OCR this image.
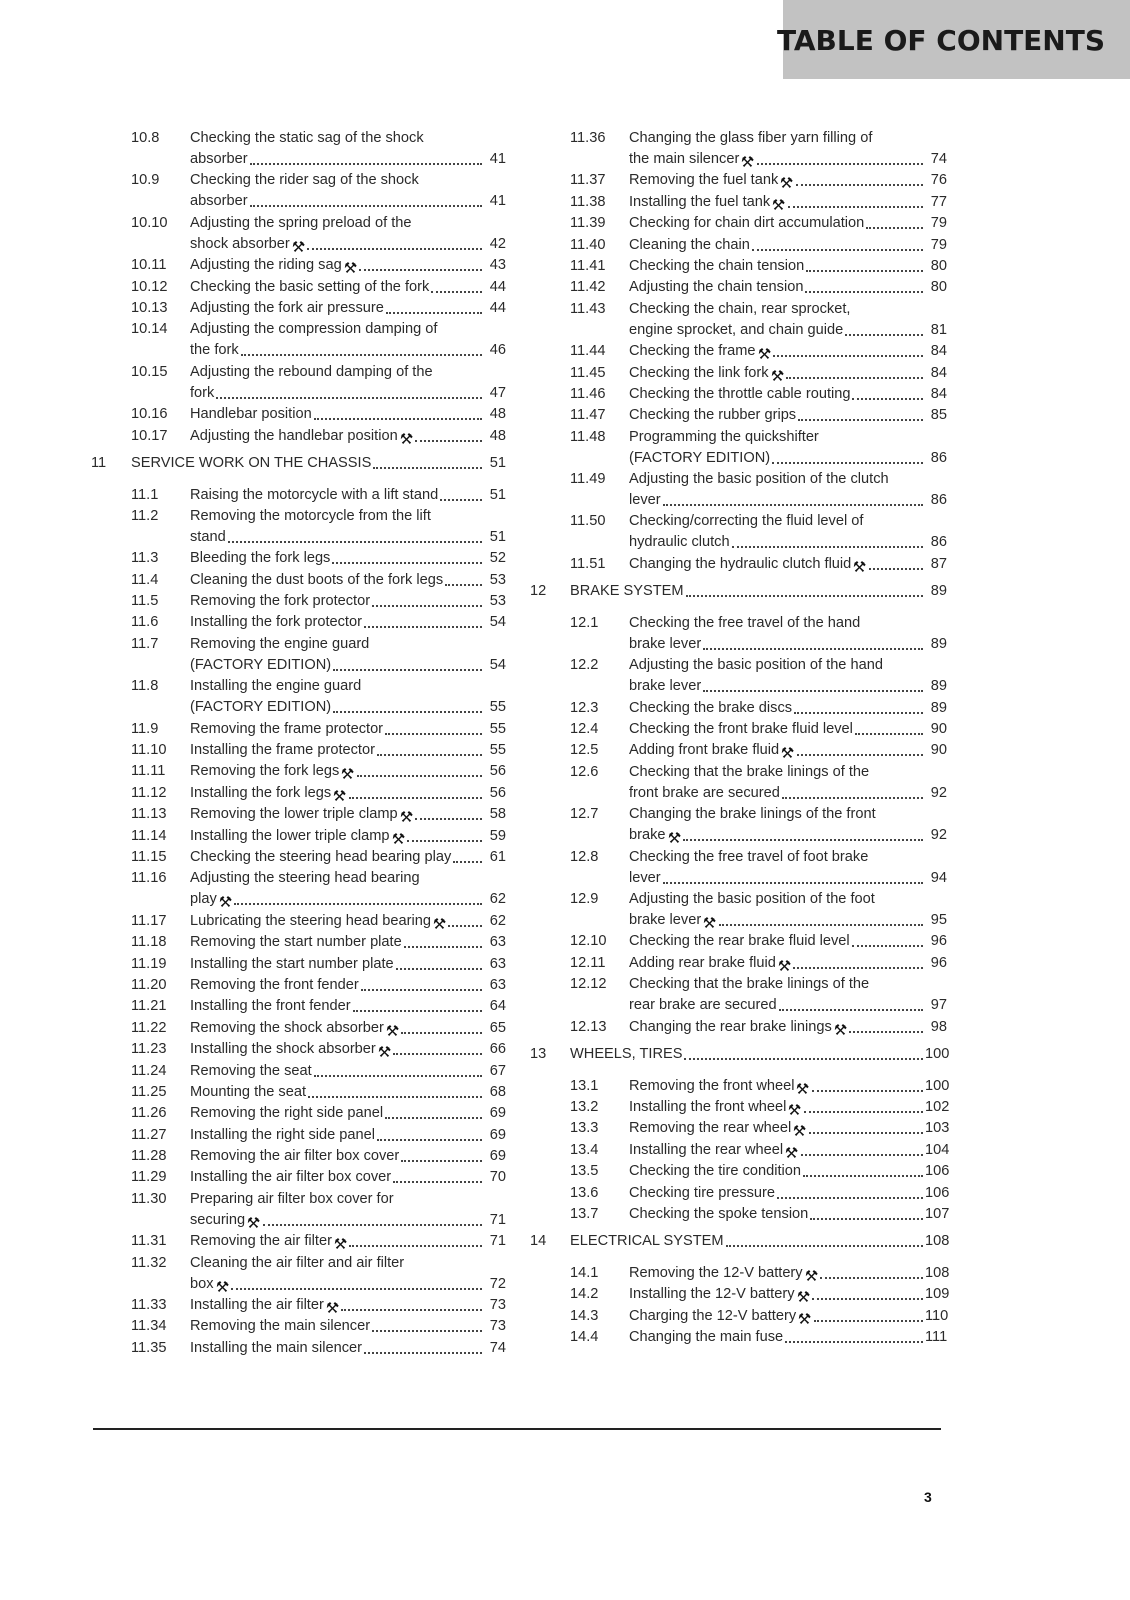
TABLE OF CONTENTS
10.8 Checking the static sag of the shock
absorber	41
10.9 Checking the rider sag of the shock
absorber	41
10.10 Adjusting the spring preload of the
shock absorber ⚒	42
10.11 Adjusting the riding sag ⚒	43
10.12 Checking the basic setting of the fork	44
10.13 Adjusting the fork air pressure	44
10.14 Adjusting the compression damping of
the fork	46
10.15 Adjusting the rebound damping of the
fork	47
10.16 Handlebar position	48
10.17 Adjusting the handlebar position ⚒	48
11 SERVICE WORK ON THE CHASSIS	51
11.1 Raising the motorcycle with a lift stand	51
11.2 Removing the motorcycle from the lift
stand	51
11.3 Bleeding the fork legs	52
11.4 Cleaning the dust boots of the fork legs	53
11.5 Removing the fork protector	53
11.6 Installing the fork protector	54
11.7 Removing the engine guard
(FACTORY EDITION)	54
11.8 Installing the engine guard
(FACTORY EDITION)	55
11.9 Removing the frame protector	55
11.10 Installing the frame protector	55
11.11 Removing the fork legs ⚒	56
11.12 Installing the fork legs ⚒	56
11.13 Removing the lower triple clamp ⚒	58
11.14 Installing the lower triple clamp ⚒	59
11.15 Checking the steering head bearing play	61
11.16 Adjusting the steering head bearing
play ⚒	62
11.17 Lubricating the steering head bearing ⚒	62
11.18 Removing the start number plate	63
11.19 Installing the start number plate	63
11.20 Removing the front fender	63
11.21 Installing the front fender	64
11.22 Removing the shock absorber ⚒	65
11.23 Installing the shock absorber ⚒	66
11.24 Removing the seat	67
11.25 Mounting the seat	68
11.26 Removing the right side panel	69
11.27 Installing the right side panel	69
11.28 Removing the air filter box cover	69
11.29 Installing the air filter box cover	70
11.30 Preparing air filter box cover for
securing ⚒	71
11.31 Removing the air filter ⚒	71
11.32 Cleaning the air filter and air filter
box ⚒	72
11.33 Installing the air filter ⚒	73
11.34 Removing the main silencer	73
11.35 Installing the main silencer	74
11.36 Changing the glass fiber yarn filling of
the main silencer ⚒	74
11.37 Removing the fuel tank ⚒	76
11.38 Installing the fuel tank ⚒	77
11.39 Checking for chain dirt accumulation	79
11.40 Cleaning the chain	79
11.41 Checking the chain tension	80
11.42 Adjusting the chain tension	80
11.43 Checking the chain, rear sprocket,
engine sprocket, and chain guide	81
11.44 Checking the frame ⚒	84
11.45 Checking the link fork ⚒	84
11.46 Checking the throttle cable routing	84
11.47 Checking the rubber grips	85
11.48 Programming the quickshifter
(FACTORY EDITION)	86
11.49 Adjusting the basic position of the clutch
lever	86
11.50 Checking/correcting the fluid level of
hydraulic clutch	86
11.51 Changing the hydraulic clutch fluid ⚒	87
12 BRAKE SYSTEM	89
12.1 Checking the free travel of the hand
brake lever	89
12.2 Adjusting the basic position of the hand
brake lever	89
12.3 Checking the brake discs	89
12.4 Checking the front brake fluid level	90
12.5 Adding front brake fluid ⚒	90
12.6 Checking that the brake linings of the
front brake are secured	92
12.7 Changing the brake linings of the front
brake ⚒	92
12.8 Checking the free travel of foot brake
lever	94
12.9 Adjusting the basic position of the foot
brake lever ⚒	95
12.10 Checking the rear brake fluid level	96
12.11 Adding rear brake fluid ⚒	96
12.12 Checking that the brake linings of the
rear brake are secured	97
12.13 Changing the rear brake linings ⚒	98
13 WHEELS, TIRES	100
13.1 Removing the front wheel ⚒	100
13.2 Installing the front wheel ⚒	102
13.3 Removing the rear wheel ⚒	103
13.4 Installing the rear wheel ⚒	104
13.5 Checking the tire condition	106
13.6 Checking tire pressure	106
13.7 Checking the spoke tension	107
14 ELECTRICAL SYSTEM	108
14.1 Removing the 12-V battery ⚒	108
14.2 Installing the 12-V battery ⚒	109
14.3 Charging the 12-V battery ⚒	110
14.4 Changing the main fuse	111
3
